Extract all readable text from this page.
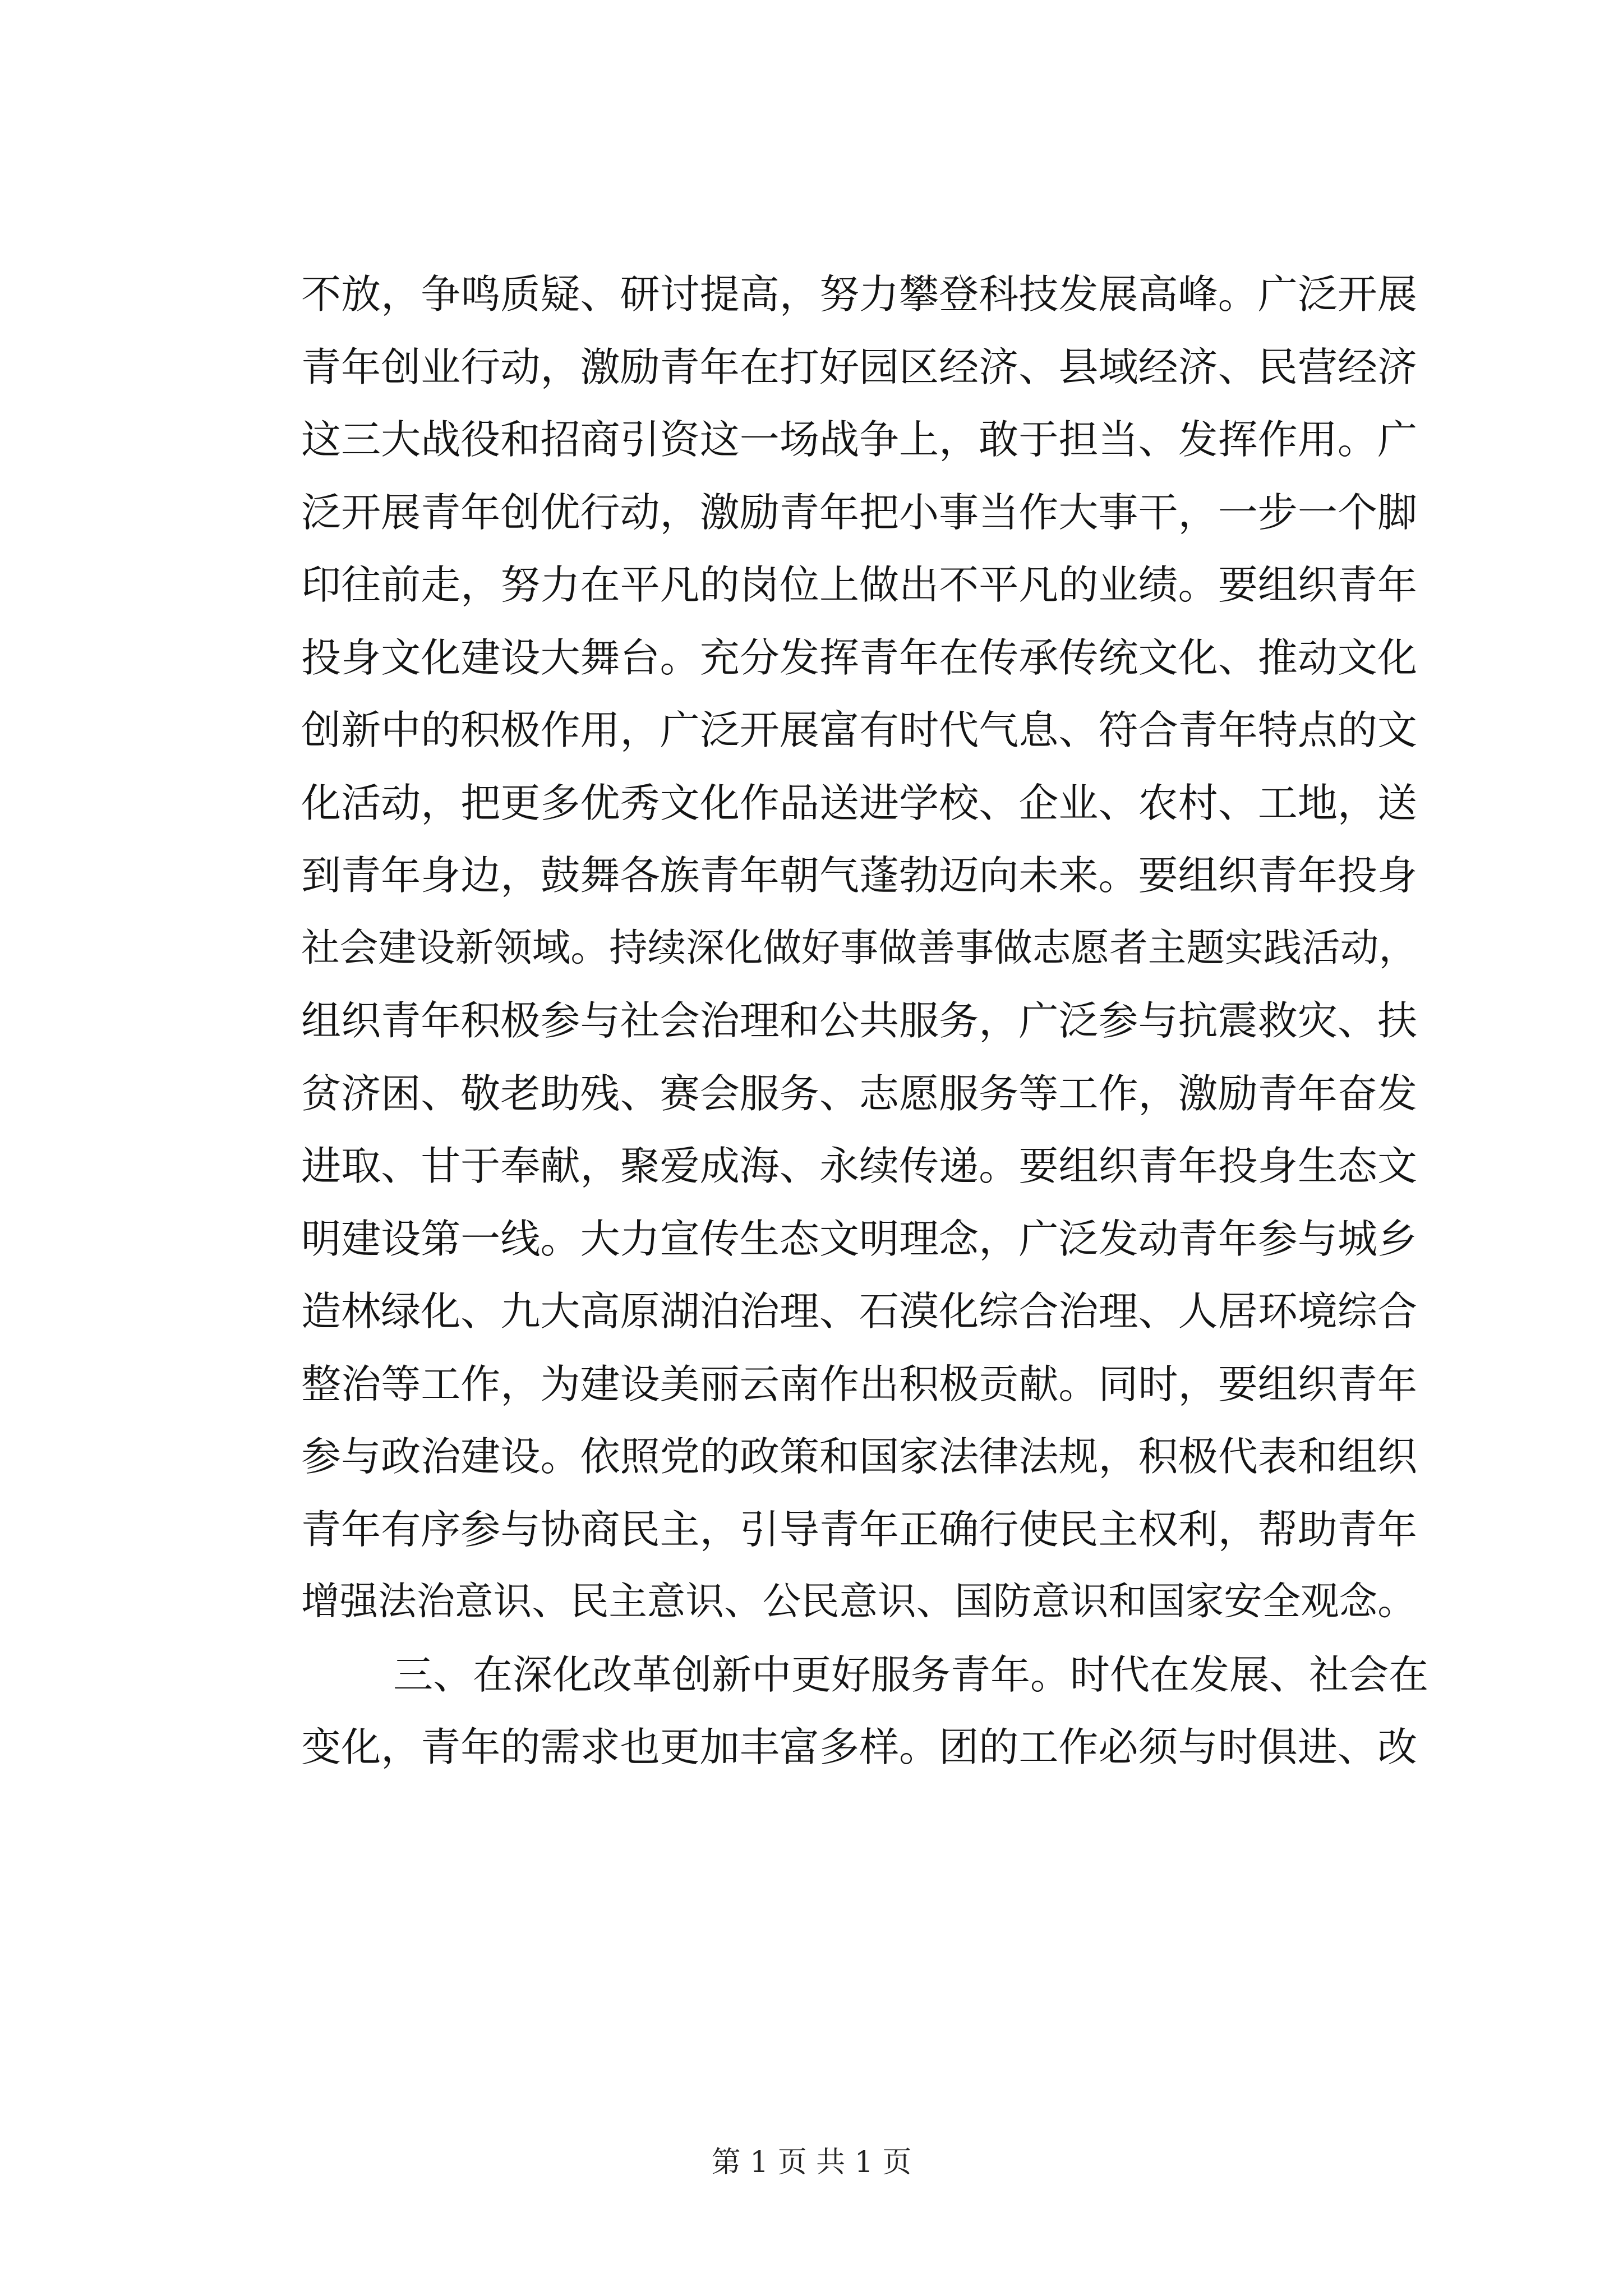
不放，争鸣质疑、研讨提高，努力攀登科技发展高峰。广泛开展
青年创业行动，激励青年在打好园区经济、县域经济、民营经济
这三大战役和招商引资这一场战争上，敢于担当、发挥作用。广
泛开展青年创优行动，激励青年把小事当作大事干，一步一个脚
印往前走，努力在平凡的岗位上做出不平凡的业绩。要组织青年
投身文化建设大舞台。充分发挥青年在传承传统文化、推动文化
创新中的积极作用，广泛开展富有时代气息、符合青年特点的文
化活动，把更多优秀文化作品送进学校、企业、农村、工地，送
到青年身边，鼓舞各族青年朝气蓬勃迈向未来。要组织青年投身
社会建设新领域。持续深化做好事做善事做志愿者主题实践活动，
组织青年积极参与社会治理和公共服务，广泛参与抗震救灾、扶
贫济困、敬老助残、赛会服务、志愿服务等工作，激励青年奋发
进取、甘于奉献，聚爱成海、永续传递。要组织青年投身生态文
明建设第一线。大力宣传生态文明理念，广泛发动青年参与城乡
造林绿化、九大高原湖泊治理、石漠化综合治理、人居环境综合
整治等工作，为建设美丽云南作出积极贡献。同时，要组织青年
参与政治建设。依照党的政策和国家法律法规，积极代表和组织
青年有序参与协商民主，引导青年正确行使民主权利，帮助青年
增强法治意识、民主意识、公民意识、国防意识和国家安全观念。
三、在深化改革创新中更好服务青年。时代在发展、社会在
变化，青年的需求也更加丰富多样。团的工作必须与时俱进、改
第 1 页 共 1 页
